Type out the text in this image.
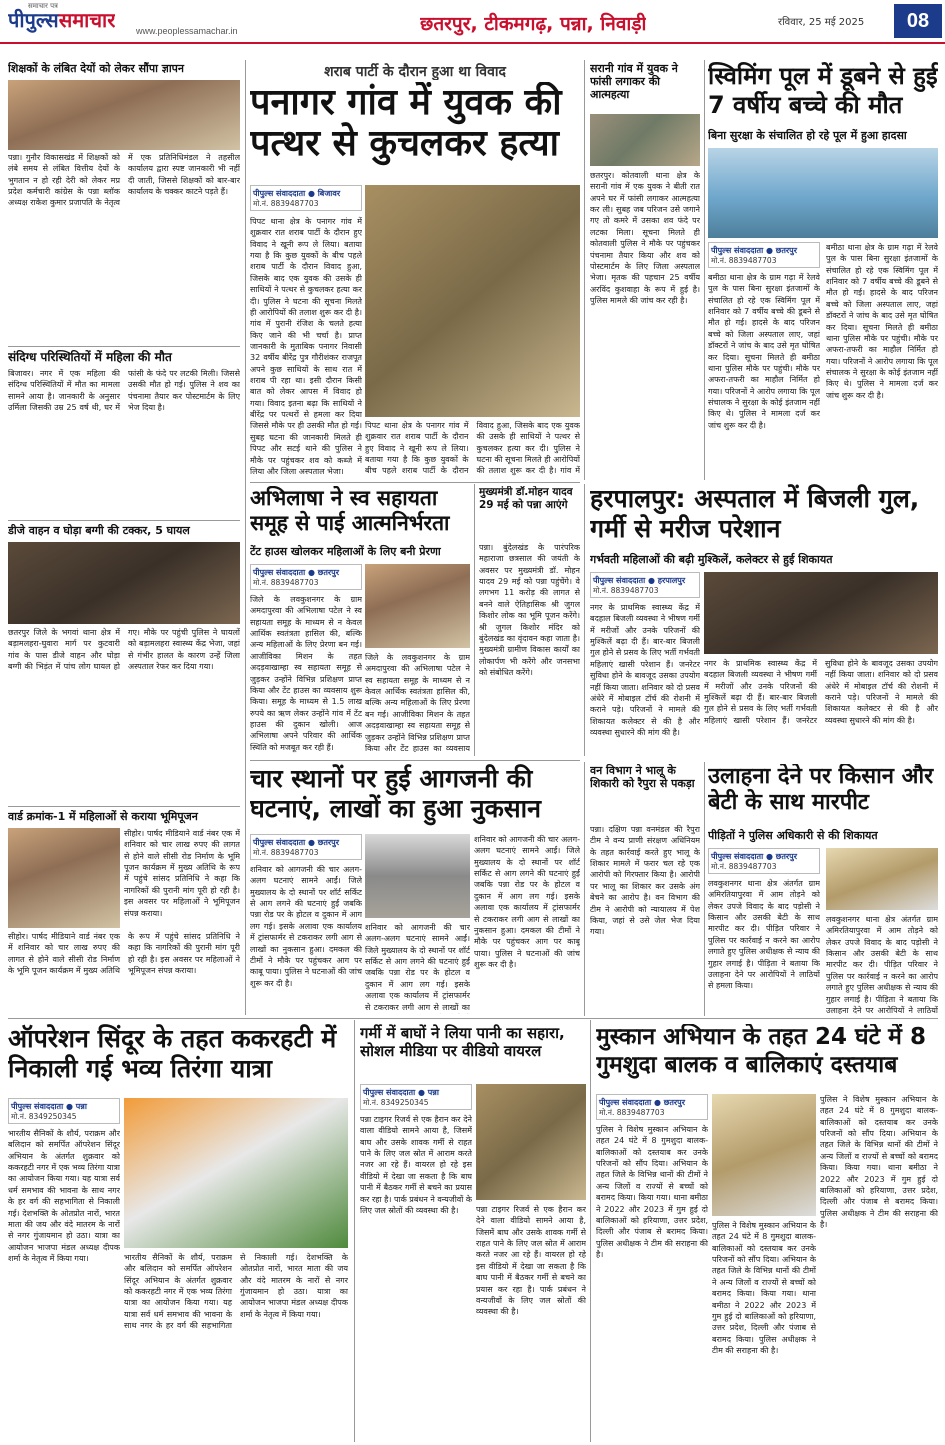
समाचार पत्र
पीपुल्ससमाचार www.peoplessamachar.in	छतरपुर, टीकमगढ़, पन्ना, निवाड़ी	रविवार, 25 मई 2025	08
शिक्षकों के लंबित देयों को लेकर सौंपा ज्ञापन
पन्ना। गुनौर विकासखंड में शिक्षकों को लंबे समय से लंबित वित्तीय देयों के भुगतान न हो रही देरी को लेकर मप्र प्रदेश कर्मचारी कांग्रेस के पन्ना ब्लॉक अध्यक्ष राकेश कुमार प्रजापति के नेतृत्व में एक प्रतिनिधिमंडल ने तहसील कार्यालय द्वारा स्पष्ट जानकारी भी नहीं दी जाती, जिससे शिक्षकों को बार-बार कार्यालय के चक्कर काटने पड़ते हैं।
संदिग्ध परिस्थितियों में महिला की मौत
बिजावर। नगर में एक महिला की संदिग्ध परिस्थितियों में मौत का मामला सामने आया है। जानकारी के अनुसार उर्मिला जिसकी उम्र 25 वर्ष थी, घर में फांसी के फंदे पर लटकी मिली। जिससे उसकी मौत हो गई। पुलिस ने शव का पंचनामा तैयार कर पोस्टमार्टम के लिए भेज दिया है।
डीजे वाहन व घोड़ा बग्गी की टक्कर, 5 घायल
छतरपुर जिले के भगवां थाना क्षेत्र में बड़ामलहरा-घुवारा मार्ग पर कुटवारी गांव के पास डीजे वाहन और घोड़ा बग्गी की भिड़ंत में पांच लोग घायल हो गए। मौके पर पहुंची पुलिस ने घायलों को बड़ामलहरा स्वास्थ्य केंद्र भेजा, जहां से गंभीर हालत के कारण उन्हें जिला अस्पताल रेफर कर दिया गया।
वार्ड क्रमांक-1 में महिलाओं से कराया भूमिपूजन
सीहोर। पार्षद मीडियाने वार्ड नंबर एक में शनिवार को चार लाख रुपए की लागत से होने वाले सीसी रोड निर्माण के भूमि पूजन कार्यक्रम में मुख्य अतिथि के रूप में पहुंचे सांसद प्रतिनिधि ने कहा कि नागरिकों की पुरानी मांग पूरी हो रही है। इस अवसर पर महिलाओं ने भूमिपूजन संपन्न कराया।
सीहोर। पार्षद मीडियाने वार्ड नंबर एक में शनिवार को चार लाख रुपए की लागत से होने वाले सीसी रोड निर्माण के भूमि पूजन कार्यक्रम में मुख्य अतिथि के रूप में पहुंचे सांसद प्रतिनिधि ने कहा कि नागरिकों की पुरानी मांग पूरी हो रही है। इस अवसर पर महिलाओं ने भूमिपूजन संपन्न कराया।
शराब पार्टी के दौरान हुआ था विवाद
पनागर गांव में युवक की पत्थर से कुचलकर हत्या
पीपुल्स संवाददाता ● बिजावर
मो.नं. 8839487703
पिपट थाना क्षेत्र के पनागर गांव में शुक्रवार रात शराब पार्टी के दौरान हुए विवाद ने खूनी रूप ले लिया। बताया गया है कि कुछ युवकों के बीच पहले शराब पार्टी के दौरान विवाद हुआ, जिसके बाद एक युवक की उसके ही साथियों ने पत्थर से कुचलकर हत्या कर दी। पुलिस ने घटना की सूचना मिलते ही आरोपियों की तलाश शुरू कर दी है। गांव में पुरानी रंजिश के चलते हत्या किए जाने की भी चर्चा है। प्राप्त जानकारी के मुताबिक पनागर निवासी 32 वर्षीय बीरेंद्र पुत्र गौरीशंकर राजपूत अपने कुछ साथियों के साथ रात में शराब पी रहा था। इसी दौरान किसी बात को लेकर आपस में विवाद हो गया। विवाद इतना बढ़ा कि साथियों ने बीरेंद्र पर पत्थरों से हमला कर दिया जिससे मौके पर ही उसकी मौत हो गई। सुबह घटना की जानकारी मिलते ही पिपट और सटई थाने की पुलिस ने मौके पर पहुंचकर शव को कब्जे में लिया और जिला अस्पताल भेजा।
पिपट थाना क्षेत्र के पनागर गांव में शुक्रवार रात शराब पार्टी के दौरान हुए विवाद ने खूनी रूप ले लिया। बताया गया है कि कुछ युवकों के बीच पहले शराब पार्टी के दौरान विवाद हुआ, जिसके बाद एक युवक की उसके ही साथियों ने पत्थर से कुचलकर हत्या कर दी। पुलिस ने घटना की सूचना मिलते ही आरोपियों की तलाश शुरू कर दी है। गांव में
सरानी गांव में युवक ने फांसी लगाकर की आत्महत्या
छतरपुर। कोतवाली थाना क्षेत्र के सरानी गांव में एक युवक ने बीती रात अपने घर में फांसी लगाकर आत्महत्या कर ली। सुबह जब परिजन उसे जगाने गए तो कमरे में उसका शव फंदे पर लटका मिला। सूचना मिलते ही कोतवाली पुलिस ने मौके पर पहुंचकर पंचनामा तैयार किया और शव को पोस्टमार्टम के लिए जिला अस्पताल भेजा। मृतक की पहचान 25 वर्षीय अरविंद कुशवाहा के रूप में हुई है। पुलिस मामले की जांच कर रही है।
स्विमिंग पूल में डूबने से हुई 7 वर्षीय बच्चे की मौत
बिना सुरक्षा के संचालित हो रहे पूल में हुआ हादसा
पीपुल्स संवाददाता ● छतरपुर
मो.नं. 8839487703
बमीठा थाना क्षेत्र के ग्राम गढ़ा में रेलवे पुल के पास बिना सुरक्षा इंतजामों के संचालित हो रहे एक स्विमिंग पूल में शनिवार को 7 वर्षीय बच्चे की डूबने से मौत हो गई। हादसे के बाद परिजन बच्चे को जिला अस्पताल लाए, जहां डॉक्टरों ने जांच के बाद उसे मृत घोषित कर दिया। सूचना मिलते ही बमीठा थाना पुलिस मौके पर पहुंची। मौके पर अफरा-तफरी का माहौल निर्मित हो गया। परिजनों ने आरोप लगाया कि पूल संचालक ने सुरक्षा के कोई इंतजाम नहीं किए थे। पुलिस ने मामला दर्ज कर जांच शुरू कर दी है।
बमीठा थाना क्षेत्र के ग्राम गढ़ा में रेलवे पुल के पास बिना सुरक्षा इंतजामों के संचालित हो रहे एक स्विमिंग पूल में शनिवार को 7 वर्षीय बच्चे की डूबने से मौत हो गई। हादसे के बाद परिजन बच्चे को जिला अस्पताल लाए, जहां डॉक्टरों ने जांच के बाद उसे मृत घोषित कर दिया। सूचना मिलते ही बमीठा थाना पुलिस मौके पर पहुंची। मौके पर अफरा-तफरी का माहौल निर्मित हो गया। परिजनों ने आरोप लगाया कि पूल संचालक ने सुरक्षा के कोई इंतजाम नहीं किए थे। पुलिस ने मामला दर्ज कर जांच शुरू कर दी है।
अभिलाषा ने स्व सहायता समूह से पाई आत्मनिर्भरता
टेंट हाउस खोलकर महिलाओं के लिए बनी प्रेरणा
पीपुल्स संवाददाता ● छतरपुर
मो.नं. 8839487703
जिले के लवकुशनगर के ग्राम अमदापुरवा की अभिलाषा पटेल ने स्व सहायता समूह के माध्यम से न केवल आर्थिक स्वतंत्रता हासिल की, बल्कि अन्य महिलाओं के लिए प्रेरणा बन गई। आजीविका मिशन के तहत अदड़वाखाम्हा स्व सहायता समूह से जुड़कर उन्होंने विभिन्न प्रशिक्षण प्राप्त किया और टेंट हाउस का व्यवसाय शुरू किया। समूह के माध्यम से 1.5 लाख रुपये का ऋण लेकर उन्होंने गांव में टेंट हाउस की दुकान खोली। आज अभिलाषा अपने परिवार की आर्थिक स्थिति को मजबूत कर रही हैं।
जिले के लवकुशनगर के ग्राम अमदापुरवा की अभिलाषा पटेल ने स्व सहायता समूह के माध्यम से न केवल आर्थिक स्वतंत्रता हासिल की, बल्कि अन्य महिलाओं के लिए प्रेरणा बन गई। आजीविका मिशन के तहत अदड़वाखाम्हा स्व सहायता समूह से जुड़कर उन्होंने विभिन्न प्रशिक्षण प्राप्त किया और टेंट हाउस का व्यवसाय
मुख्यमंत्री डॉ.मोहन यादव 29 मई को पन्ना आएंगे
पन्ना। बुंदेलखंड के पारंपरिक महाराजा छत्रसाल की जयंती के अवसर पर मुख्यमंत्री डॉ. मोहन यादव 29 मई को पन्ना पहुंचेंगे। वे लगभग 11 करोड़ की लागत से बनने वाले ऐतिहासिक श्री जुगल किशोर लोक का भूमि पूजन करेंगे। श्री जुगल किशोर मंदिर को बुंदेलखंड का वृंदावन कहा जाता है। मुख्यमंत्री ग्रामीण विकास कार्यों का लोकार्पण भी करेंगे और जनसभा को संबोधित करेंगे।
हरपालपुर: अस्पताल में बिजली गुल, गर्मी से मरीज परेशान
गर्भवती महिलाओं की बढ़ी मुश्किलें, कलेक्टर से हुई शिकायत
पीपुल्स संवाददाता ● हरपालपुर
मो.नं. 8839487703
नगर के प्राथमिक स्वास्थ्य केंद्र में बदहाल बिजली व्यवस्था ने भीषण गर्मी में मरीजों और उनके परिजनों की मुश्किलें बढ़ा दी हैं। बार-बार बिजली गुल होने से प्रसव के लिए भर्ती गर्भवती महिलाएं खासी परेशान हैं। जनरेटर सुविधा होने के बावजूद उसका उपयोग नहीं किया जाता। शनिवार को दो प्रसव अंधेरे में मोबाइल टॉर्च की रोशनी में कराने पड़े। परिजनों ने मामले की शिकायत कलेक्टर से की है और व्यवस्था सुधारने की मांग की है।
नगर के प्राथमिक स्वास्थ्य केंद्र में बदहाल बिजली व्यवस्था ने भीषण गर्मी में मरीजों और उनके परिजनों की मुश्किलें बढ़ा दी हैं। बार-बार बिजली गुल होने से प्रसव के लिए भर्ती गर्भवती महिलाएं खासी परेशान हैं। जनरेटर सुविधा होने के बावजूद उसका उपयोग नहीं किया जाता। शनिवार को दो प्रसव अंधेरे में मोबाइल टॉर्च की रोशनी में कराने पड़े। परिजनों ने मामले की शिकायत कलेक्टर से की है और व्यवस्था सुधारने की मांग की है।
चार स्थानों पर हुई आगजनी की घटनाएं, लाखों का हुआ नुकसान
पीपुल्स संवाददाता ● छतरपुर
मो.नं. 8839487703
शनिवार को आगजनी की चार अलग-अलग घटनाएं सामने आईं। जिले मुख्यालय के दो स्थानों पर शॉर्ट सर्किट से आग लगने की घटनाएं हुईं जबकि पन्ना रोड पर के होटल व दुकान में आग लग गई। इसके अलावा एक कार्यालय में ट्रांसफार्मर से टकराकर लगी आग से लाखों का नुकसान हुआ। दमकल की टीमों ने मौके पर पहुंचकर आग पर काबू पाया। पुलिस ने घटनाओं की जांच शुरू कर दी है।
शनिवार को आगजनी की चार अलग-अलग घटनाएं सामने आईं। जिले मुख्यालय के दो स्थानों पर शॉर्ट सर्किट से आग लगने की घटनाएं हुईं जबकि पन्ना रोड पर के होटल व दुकान में आग लग गई। इसके अलावा एक कार्यालय में ट्रांसफार्मर से टकराकर लगी आग से लाखों का
शनिवार को आगजनी की चार अलग-अलग घटनाएं सामने आईं। जिले मुख्यालय के दो स्थानों पर शॉर्ट सर्किट से आग लगने की घटनाएं हुईं जबकि पन्ना रोड पर के होटल व दुकान में आग लग गई। इसके अलावा एक कार्यालय में ट्रांसफार्मर से टकराकर लगी आग से लाखों का नुकसान हुआ। दमकल की टीमों ने मौके पर पहुंचकर आग पर काबू पाया। पुलिस ने घटनाओं की जांच शुरू कर दी है।
वन विभाग ने भालू के शिकारी को रैपुरा से पकड़ा
पन्ना। दक्षिण पन्ना वनमंडल की रैपुरा टीम ने वन्य प्राणी संरक्षण अधिनियम के तहत कार्रवाई करते हुए भालू के शिकार मामले में फरार चल रहे एक आरोपी को गिरफ्तार किया है। आरोपी पर भालू का शिकार कर उसके अंग बेचने का आरोप है। वन विभाग की टीम ने आरोपी को न्यायालय में पेश किया, जहां से उसे जेल भेज दिया गया।
उलाहना देने पर किसान और बेटी के साथ मारपीट
पीड़ितों ने पुलिस अधिकारी से की शिकायत
पीपुल्स संवाददाता ● छतरपुर
मो.नं. 8839487703
लवकुशनगर थाना क्षेत्र अंतर्गत ग्राम अमिरतियापुरवा में आम तोड़ने को लेकर उपजे विवाद के बाद पड़ोसी ने किसान और उसकी बेटी के साथ मारपीट कर दी। पीड़ित परिवार ने पुलिस पर कार्रवाई न करने का आरोप लगाते हुए पुलिस अधीक्षक से न्याय की गुहार लगाई है। पीड़िता ने बताया कि उलाहना देने पर आरोपियों ने लाठियों से हमला किया।
लवकुशनगर थाना क्षेत्र अंतर्गत ग्राम अमिरतियापुरवा में आम तोड़ने को लेकर उपजे विवाद के बाद पड़ोसी ने किसान और उसकी बेटी के साथ मारपीट कर दी। पीड़ित परिवार ने पुलिस पर कार्रवाई न करने का आरोप लगाते हुए पुलिस अधीक्षक से न्याय की गुहार लगाई है। पीड़िता ने बताया कि उलाहना देने पर आरोपियों ने लाठियों
ऑपरेशन सिंदूर के तहत ककरहटी में निकाली गई भव्य तिरंगा यात्रा
पीपुल्स संवाददाता ● पन्ना
मो.नं. 8349250345
भारतीय सैनिकों के शौर्य, पराक्रम और बलिदान को समर्पित ऑपरेशन सिंदूर अभियान के अंतर्गत शुक्रवार को ककरहटी नगर में एक भव्य तिरंगा यात्रा का आयोजन किया गया। यह यात्रा सर्व धर्म समभाव की भावना के साथ नगर के हर वर्ग की सहभागिता से निकाली गई। देशभक्ति के ओतप्रोत नारों, भारत माता की जय और वंदे मातरम के नारों से नगर गुंजायमान हो उठा। यात्रा का आयोजन भाजपा मंडल अध्यक्ष दीपक शर्मा के नेतृत्व में किया गया।	भारतीय सैनिकों के शौर्य, पराक्रम और बलिदान को समर्पित ऑपरेशन सिंदूर अभियान के अंतर्गत शुक्रवार को ककरहटी नगर में एक भव्य तिरंगा यात्रा का आयोजन किया गया। यह यात्रा सर्व धर्म समभाव की भावना के साथ नगर के हर वर्ग की सहभागिता से निकाली गई। देशभक्ति के ओतप्रोत नारों, भारत माता की जय और वंदे मातरम के नारों से नगर गुंजायमान हो उठा। यात्रा का आयोजन भाजपा मंडल अध्यक्ष दीपक शर्मा के नेतृत्व में किया गया।
गर्मी में बाघों ने लिया पानी का सहारा, सोशल मीडिया पर वीडियो वायरल
पीपुल्स संवाददाता ● पन्ना
मो.नं. 8349250345
पन्ना टाइगर रिजर्व से एक हैरान कर देने वाला वीडियो सामने आया है, जिसमें बाघ और उसके शावक गर्मी से राहत पाने के लिए जल स्रोत में आराम करते नजर आ रहे हैं। वायरल हो रहे इस वीडियो में देखा जा सकता है कि बाघ पानी में बैठकर गर्मी से बचने का प्रयास कर रहा है। पार्क प्रबंधन ने वन्यजीवों के लिए जल स्रोतों की व्यवस्था की है।	पन्ना टाइगर रिजर्व से एक हैरान कर देने वाला वीडियो सामने आया है, जिसमें बाघ और उसके शावक गर्मी से राहत पाने के लिए जल स्रोत में आराम करते नजर आ रहे हैं। वायरल हो रहे इस वीडियो में देखा जा सकता है कि बाघ पानी में बैठकर गर्मी से बचने का प्रयास कर रहा है। पार्क प्रबंधन ने वन्यजीवों के लिए जल स्रोतों की व्यवस्था की है।
मुस्कान अभियान के तहत 24 घंटे में 8 गुमशुदा बालक व बालिकाएं दस्तयाब
पीपुल्स संवाददाता ● छतरपुर
मो.नं. 8839487703
पुलिस ने विशेष मुस्कान अभियान के तहत 24 घंटे में 8 गुमशुदा बालक-बालिकाओं को दस्तयाब कर उनके परिजनों को सौंप दिया। अभियान के तहत जिले के विभिन्न थानों की टीमों ने अन्य जिलों व राज्यों से बच्चों को बरामद किया। किया गया। थाना बमीठा ने 2022 और 2023 में गुम हुई दो बालिकाओं को हरियाणा, उत्तर प्रदेश, दिल्ली और पंजाब से बरामद किया। पुलिस अधीक्षक ने टीम की सराहना की है।
पुलिस ने विशेष मुस्कान अभियान के तहत 24 घंटे में 8 गुमशुदा बालक-बालिकाओं को दस्तयाब कर उनके परिजनों को सौंप दिया। अभियान के तहत जिले के विभिन्न थानों की टीमों ने अन्य जिलों व राज्यों से बच्चों को बरामद किया। किया गया। थाना बमीठा ने 2022 और 2023 में गुम हुई दो बालिकाओं को हरियाणा, उत्तर प्रदेश, दिल्ली और पंजाब से बरामद किया। पुलिस अधीक्षक ने टीम की सराहना की है।
पुलिस ने विशेष मुस्कान अभियान के तहत 24 घंटे में 8 गुमशुदा बालक-बालिकाओं को दस्तयाब कर उनके परिजनों को सौंप दिया। अभियान के तहत जिले के विभिन्न थानों की टीमों ने अन्य जिलों व राज्यों से बच्चों को बरामद किया। किया गया। थाना बमीठा ने 2022 और 2023 में गुम हुई दो बालिकाओं को हरियाणा, उत्तर प्रदेश, दिल्ली और पंजाब से बरामद किया। पुलिस अधीक्षक ने टीम की सराहना की है।
